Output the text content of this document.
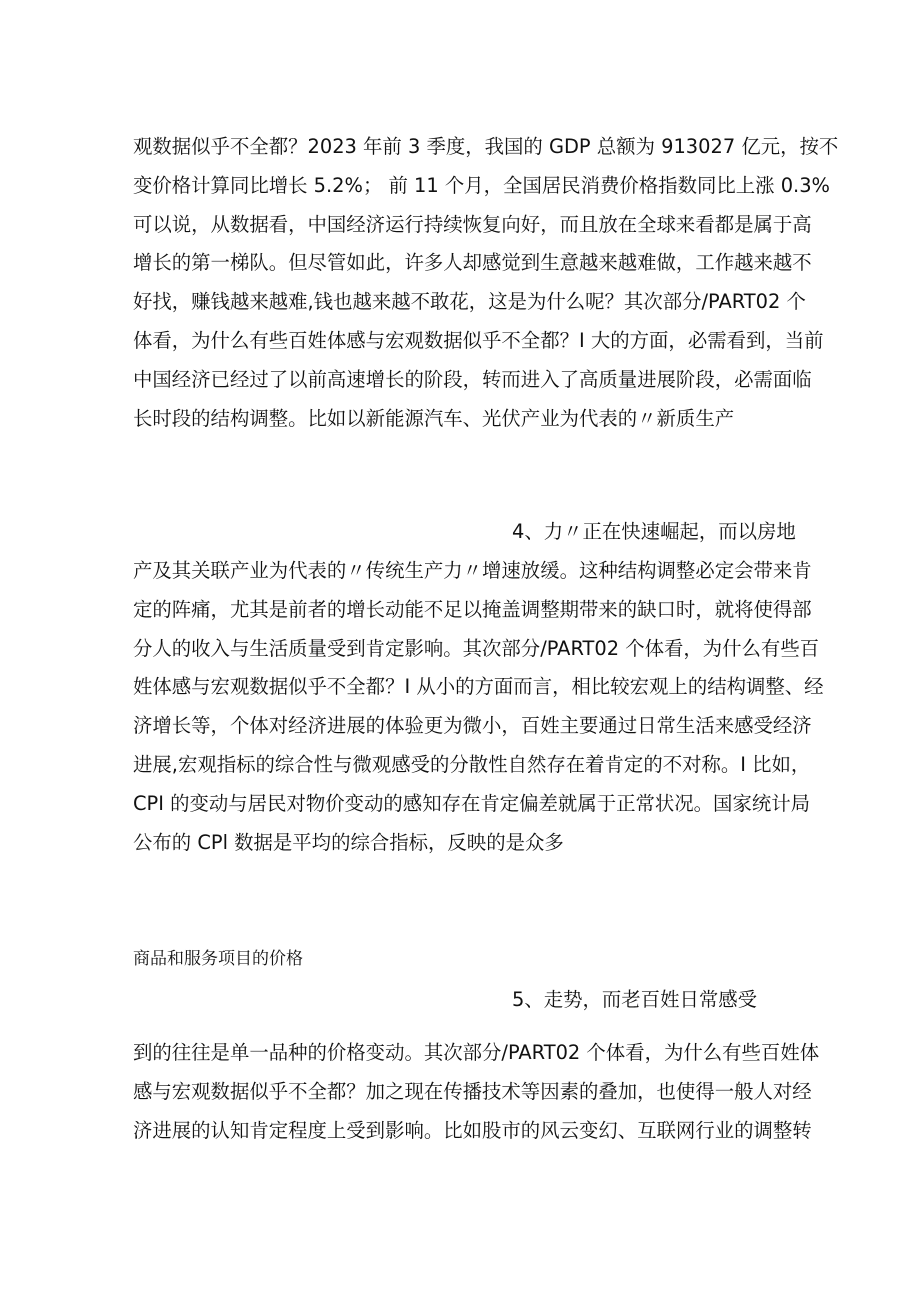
观数据似乎不全都？2023 年前 3 季度，我国的 GDP 总额为 913027 亿元，按不
变价格计算同比增长 5.2%； 前 11 个月，全国居民消费价格指数同比上涨 0.3%
可以说，从数据看，中国经济运行持续恢复向好，而且放在全球来看都是属于高
增长的第一梯队。但尽管如此，许多人却感觉到生意越来越难做，工作越来越不
好找，赚钱越来越难,钱也越来越不敢花，这是为什么呢？其次部分/PART02 个
体看，为什么有些百姓体感与宏观数据似乎不全都？I 大的方面，必需看到，当前
中国经济已经过了以前高速增长的阶段，转而进入了高质量进展阶段，必需面临
长时段的结构调整。比如以新能源汽车、光伏产业为代表的〃新质生产
4、力〃正在快速崛起，而以房地
产及其关联产业为代表的〃传统生产力〃增速放缓。这种结构调整必定会带来肯
定的阵痛，尤其是前者的增长动能不足以掩盖调整期带来的缺口时，就将使得部
分人的收入与生活质量受到肯定影响。其次部分/PART02 个体看，为什么有些百
姓体感与宏观数据似乎不全都？I 从小的方面而言，相比较宏观上的结构调整、经
济增长等，个体对经济进展的体验更为微小，百姓主要通过日常生活来感受经济
进展,宏观指标的综合性与微观感受的分散性自然存在着肯定的不对称。I 比如，
CPI 的变动与居民对物价变动的感知存在肯定偏差就属于正常状况。国家统计局
公布的 CPl 数据是平均的综合指标，反映的是众多
商品和服务项目的价格
5、走势，而老百姓日常感受
到的往往是单一品种的价格变动。其次部分/PART02 个体看，为什么有些百姓体
感与宏观数据似乎不全都？加之现在传播技术等因素的叠加，也使得一般人对经
济进展的认知肯定程度上受到影响。比如股市的风云变幻、互联网行业的调整转
